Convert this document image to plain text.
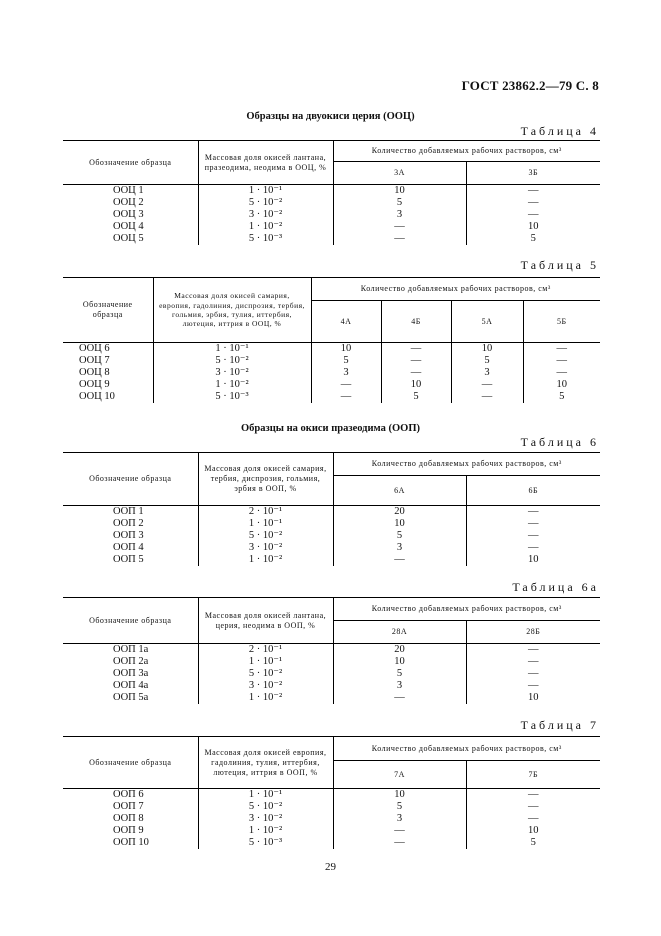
ГОСТ 23862.2—79 С. 8
Образцы на двуокиси церия (ООЦ)
Таблица 4
Обозначение образца	Массовая доля окисей лантана, празеодима, неодима в ООЦ, %	Количество добавляемых рабочих растворов, см³	
		3А	3Б
ООЦ 1	1 · 10⁻¹	10	—
ООЦ 2	5 · 10⁻²	5	—
ООЦ 3	3 · 10⁻²	3	—
ООЦ 4	1 · 10⁻²	—	10
ООЦ 5	5 · 10⁻³	—	5
Таблица 5
Обозначение образца	Массовая доля окисей самария, европия, гадолиния, диспрозия, тербия, гольмия, эрбия, тулия, иттербия, лютеция, иттрия в ООЦ, %	Количество добавляемых рабочих растворов, см³			
		4А	4Б	5А	5Б
ООЦ 6	1 · 10⁻¹	10	—	10	—
ООЦ 7	5 · 10⁻²	5	—	5	—
ООЦ 8	3 · 10⁻²	3	—	3	—
ООЦ 9	1 · 10⁻²	—	10	—	10
ООЦ 10	5 · 10⁻³	—	5	—	5
Образцы на окиси празеодима (ООП)
Таблица 6
Обозначение образца	Массовая доля окисей самария, тербия, диспрозия, гольмия, эрбия в ООП, %	Количество добавляемых рабочих растворов, см³	
		6А	6Б
ООП 1	2 · 10⁻¹	20	—
ООП 2	1 · 10⁻¹	10	—
ООП 3	5 · 10⁻²	5	—
ООП 4	3 · 10⁻²	3	—
ООП 5	1 · 10⁻²	—	10
Таблица 6а
Обозначение образца	Массовая доля окисей лантана, церия, неодима в ООП, %	Количество добавляемых рабочих растворов, см³	
		28А	28Б
ООП 1а	2 · 10⁻¹	20	—
ООП 2а	1 · 10⁻¹	10	—
ООП 3а	5 · 10⁻²	5	—
ООП 4а	3 · 10⁻²	3	—
ООП 5а	1 · 10⁻²	—	10
Таблица 7
Обозначение образца	Массовая доля окисей европия, гадолиния, тулия, иттербия, лютеция, иттрия в ООП, %	Количество добавляемых рабочих растворов, см³	
		7А	7Б
ООП 6	1 · 10⁻¹	10	—
ООП 7	5 · 10⁻²	5	—
ООП 8	3 · 10⁻²	3	—
ООП 9	1 · 10⁻²	—	10
ООП 10	5 · 10⁻³	—	5
29
